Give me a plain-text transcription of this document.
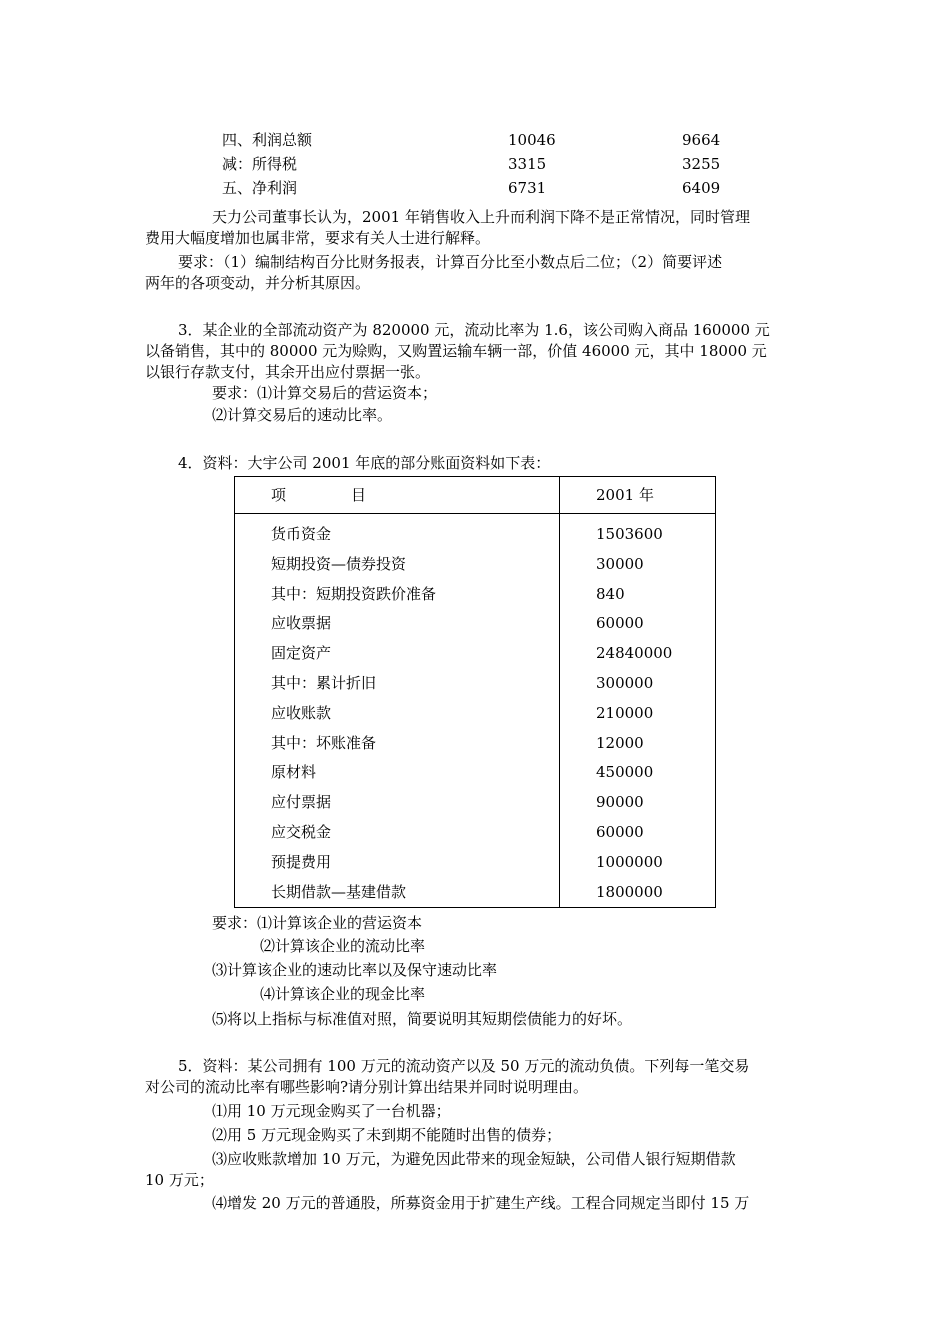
四、利润总额	10046	9664
减：所得税	3315	3255
五、净利润	6731	6409
天力公司董事长认为，2001 年销售收入上升而利润下降不是正常情况，同时管理
费用大幅度增加也属非常，要求有关人士进行解释。
要求：（1）编制结构百分比财务报表，计算百分比至小数点后二位；（2）简要评述
两年的各项变动，并分析其原因。
3．某企业的全部流动资产为 820000 元，流动比率为 1.6，该公司购入商品 160000 元
以备销售，其中的 80000 元为赊购，又购置运输车辆一部，价值 46000 元，其中 18000 元
以银行存款支付，其余开出应付票据一张。
要求：⑴计算交易后的营运资本；
⑵计算交易后的速动比率。
4．资料：大宇公司 2001 年底的部分账面资料如下表：
项 目	2001 年

货币资金	1503600
短期投资—债券投资	30000
其中：短期投资跌价准备	840
应收票据	60000
固定资产	24840000
其中：累计折旧	300000
应收账款	210000
其中：坏账准备	12000
原材料	450000
应付票据	90000
应交税金	60000
预提费用	1000000
长期借款—基建借款	1800000
要求：⑴计算该企业的营运资本
⑵计算该企业的流动比率
⑶计算该企业的速动比率以及保守速动比率
⑷计算该企业的现金比率
⑸将以上指标与标准值对照，简要说明其短期偿债能力的好坏。
5．资料：某公司拥有 100 万元的流动资产以及 50 万元的流动负债。下列每一笔交易
对公司的流动比率有哪些影响?请分别计算出结果并同时说明理由。
⑴用 10 万元现金购买了一台机器；
⑵用 5 万元现金购买了未到期不能随时出售的债券；
⑶应收账款增加 10 万元，为避免因此带来的现金短缺，公司借人银行短期借款
10 万元；
⑷增发 20 万元的普通股，所募资金用于扩建生产线。工程合同规定当即付 15 万
